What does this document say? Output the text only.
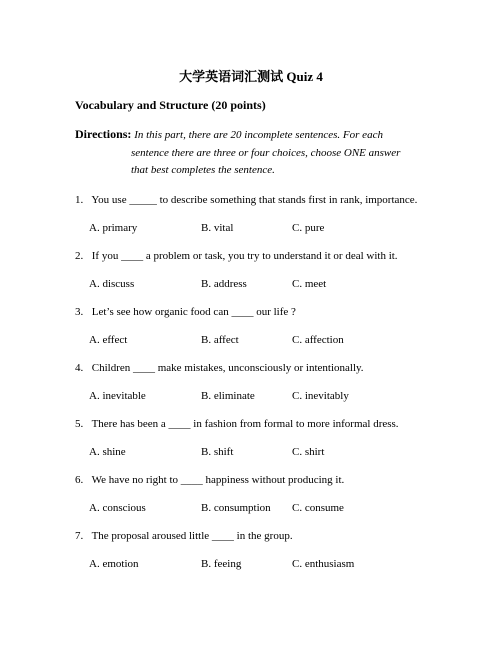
大学英语词汇测试 Quiz 4
Vocabulary and Structure (20 points)
Directions: In this part, there are 20 incomplete sentences. For each
sentence there are three or four choices, choose ONE answer
that best completes the sentence.
1. You use _____ to describe something that stands first in rank, importance.
A. primary	B. vital	C. pure
2. If you ____ a problem or task, you try to understand it or deal with it.
A. discuss	B. address	C. meet
3. Let’s see how organic food can ____ our life ?
A. effect	B. affect	C. affection
4. Children ____ make mistakes, unconsciously or intentionally.
A. inevitable	B. eliminate	C. inevitably
5. There has been a ____ in fashion from formal to more informal dress.
A. shine	B. shift	C. shirt
6. We have no right to ____ happiness without producing it.
A. conscious	B. consumption C. consume
7. The proposal aroused little ____ in the group.
A. emotion	B. feeing	C. enthusiasm
